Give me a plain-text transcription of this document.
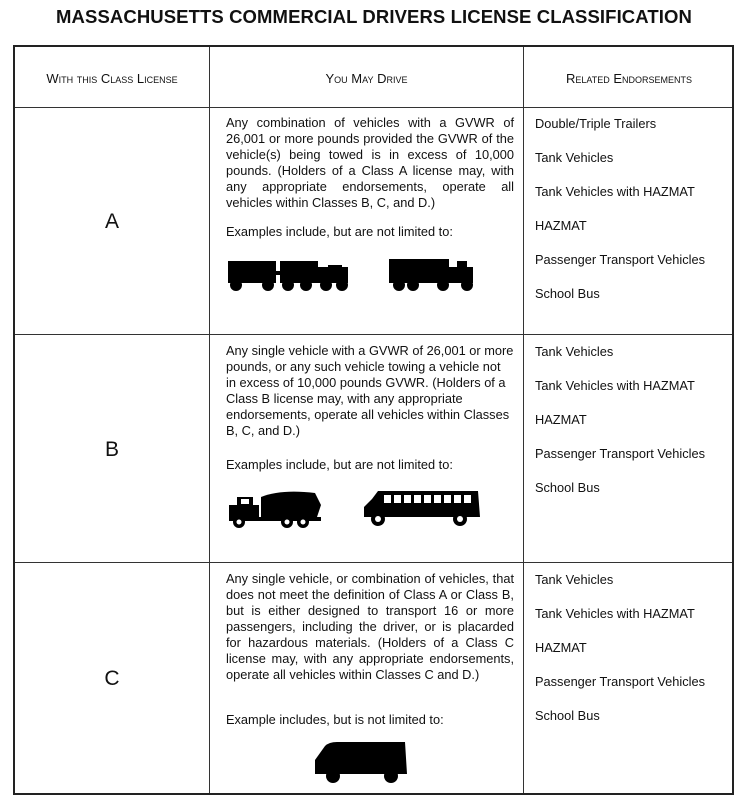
MASSACHUSETTS COMMERCIAL DRIVERS LICENSE CLASSIFICATION
With this Class License	You May Drive	Related Endorsements
A
Any combination of vehicles with a GVWR of 26,001 or more pounds provided the GVWR of the vehicle(s) being towed is in excess of 10,000 pounds. (Holders of a Class A license may, with any appropriate endorsements, operate all vehicles within Classes B, C, and D.)
Examples include, but are not limited to:
Double/Triple Trailers
Tank Vehicles
Tank Vehicles with HAZMAT
HAZMAT
Passenger Transport Vehicles
School Bus
B
Any single vehicle with a GVWR of 26,001 or more pounds, or any such vehicle towing a vehicle not in excess of 10,000 pounds GVWR. (Holders of a Class B license may, with any appropriate endorsements, operate all vehicles within Classes B, C, and D.)
Examples include, but are not limited to:
Tank Vehicles
Tank Vehicles with HAZMAT
HAZMAT
Passenger Transport Vehicles
School Bus
C
Any single vehicle, or combination of vehicles, that does not meet the definition of Class A or Class B, but is either designed to transport 16 or more passengers, including the driver, or is placarded for hazardous materials. (Holders of a Class C license may, with any appropriate endorsements, operate all vehicles within Classes C and D.)
Example includes, but is not limited to:
Tank Vehicles
Tank Vehicles with HAZMAT
HAZMAT
Passenger Transport Vehicles
School Bus
